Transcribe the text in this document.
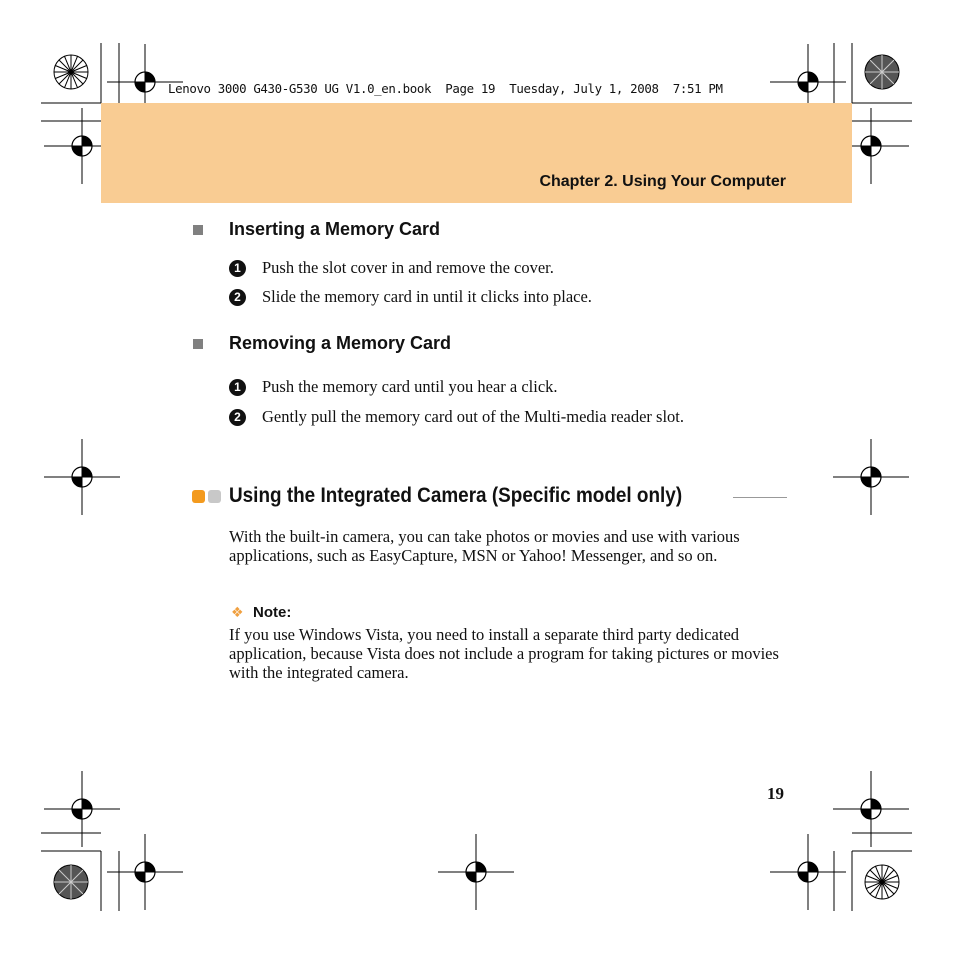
Lenovo 3000 G430-G530 UG V1.0_en.book  Page 19  Tuesday, July 1, 2008  7:51 PM
Chapter 2. Using Your Computer
Inserting a Memory Card
1	Push the slot cover in and remove the cover.
2	Slide the memory card in until it clicks into place.
Removing a Memory Card
1	Push the memory card until you hear a click.
2	Gently pull the memory card out of the Multi-media reader slot.
Using the Integrated Camera (Specific model only)
With the built-in camera, you can take photos or movies and use with various applications, such as EasyCapture, MSN or Yahoo! Messenger, and so on.
❖ Note:
If you use Windows Vista, you need to install a separate third party dedicated application, because Vista does not include a program for taking pictures or movies with the integrated camera.
19
